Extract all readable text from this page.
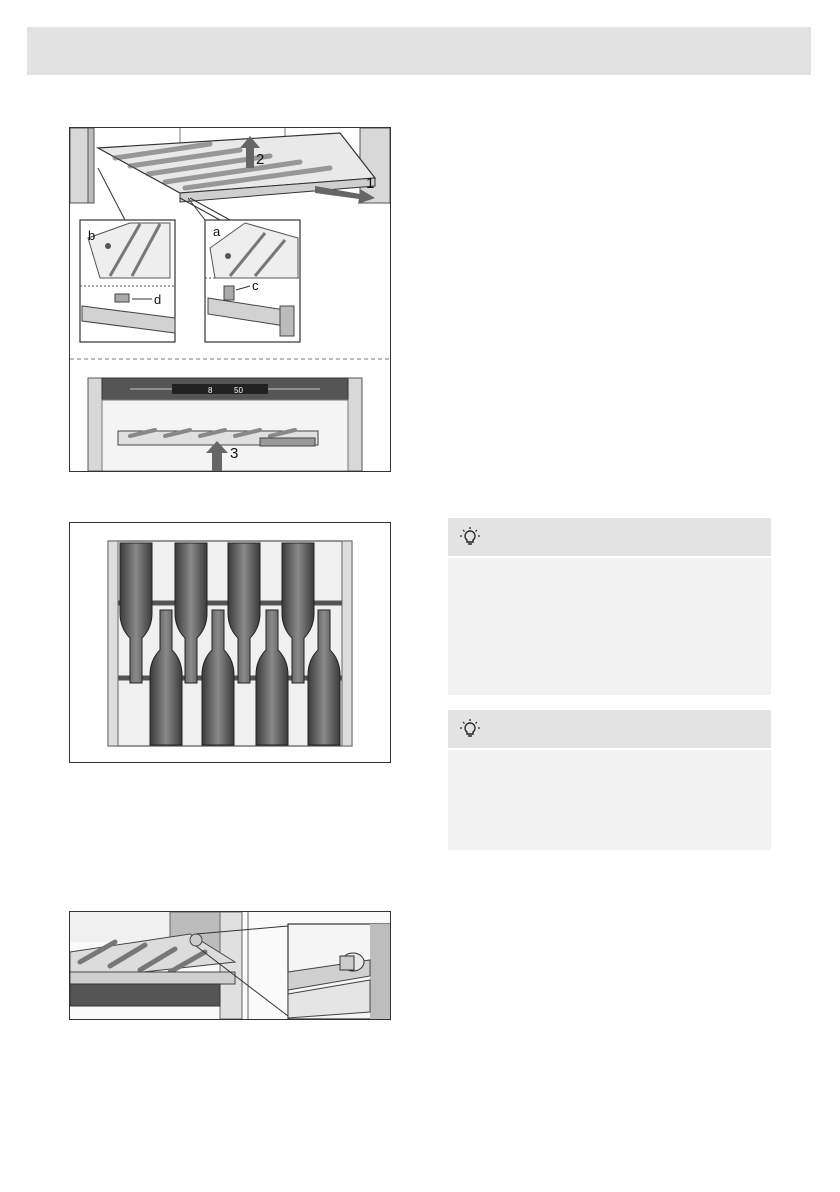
2
1
b
d
a
c
8	50
3
